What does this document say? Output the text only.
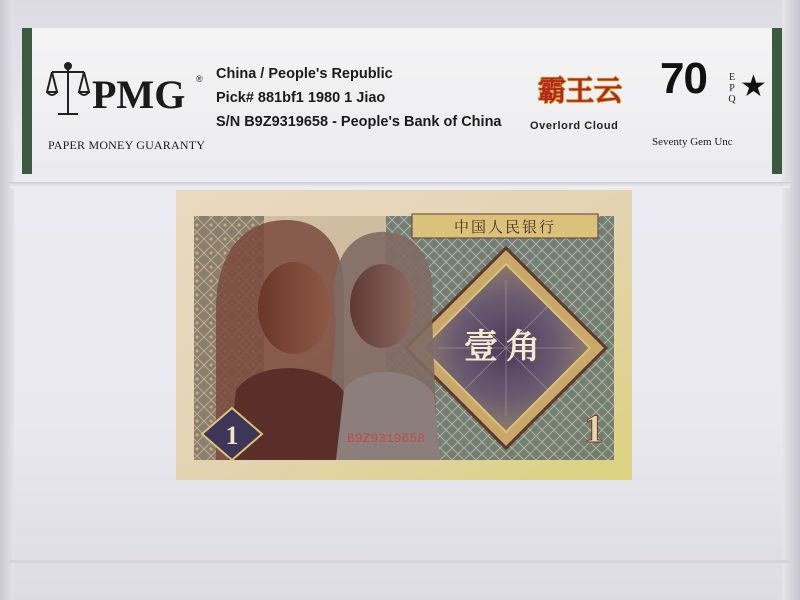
PMG ®
PAPER MONEY GUARANTY
China / People's Republic
Pick# 881bf1 1980 1 Jiao
S/N B9Z9319658 - People's Bank of China
霸王云
Overlord Cloud
70 E
P
Q ★
Seventy Gem Unc
中国人民银行
壹角
1	1
B9Z9319658
